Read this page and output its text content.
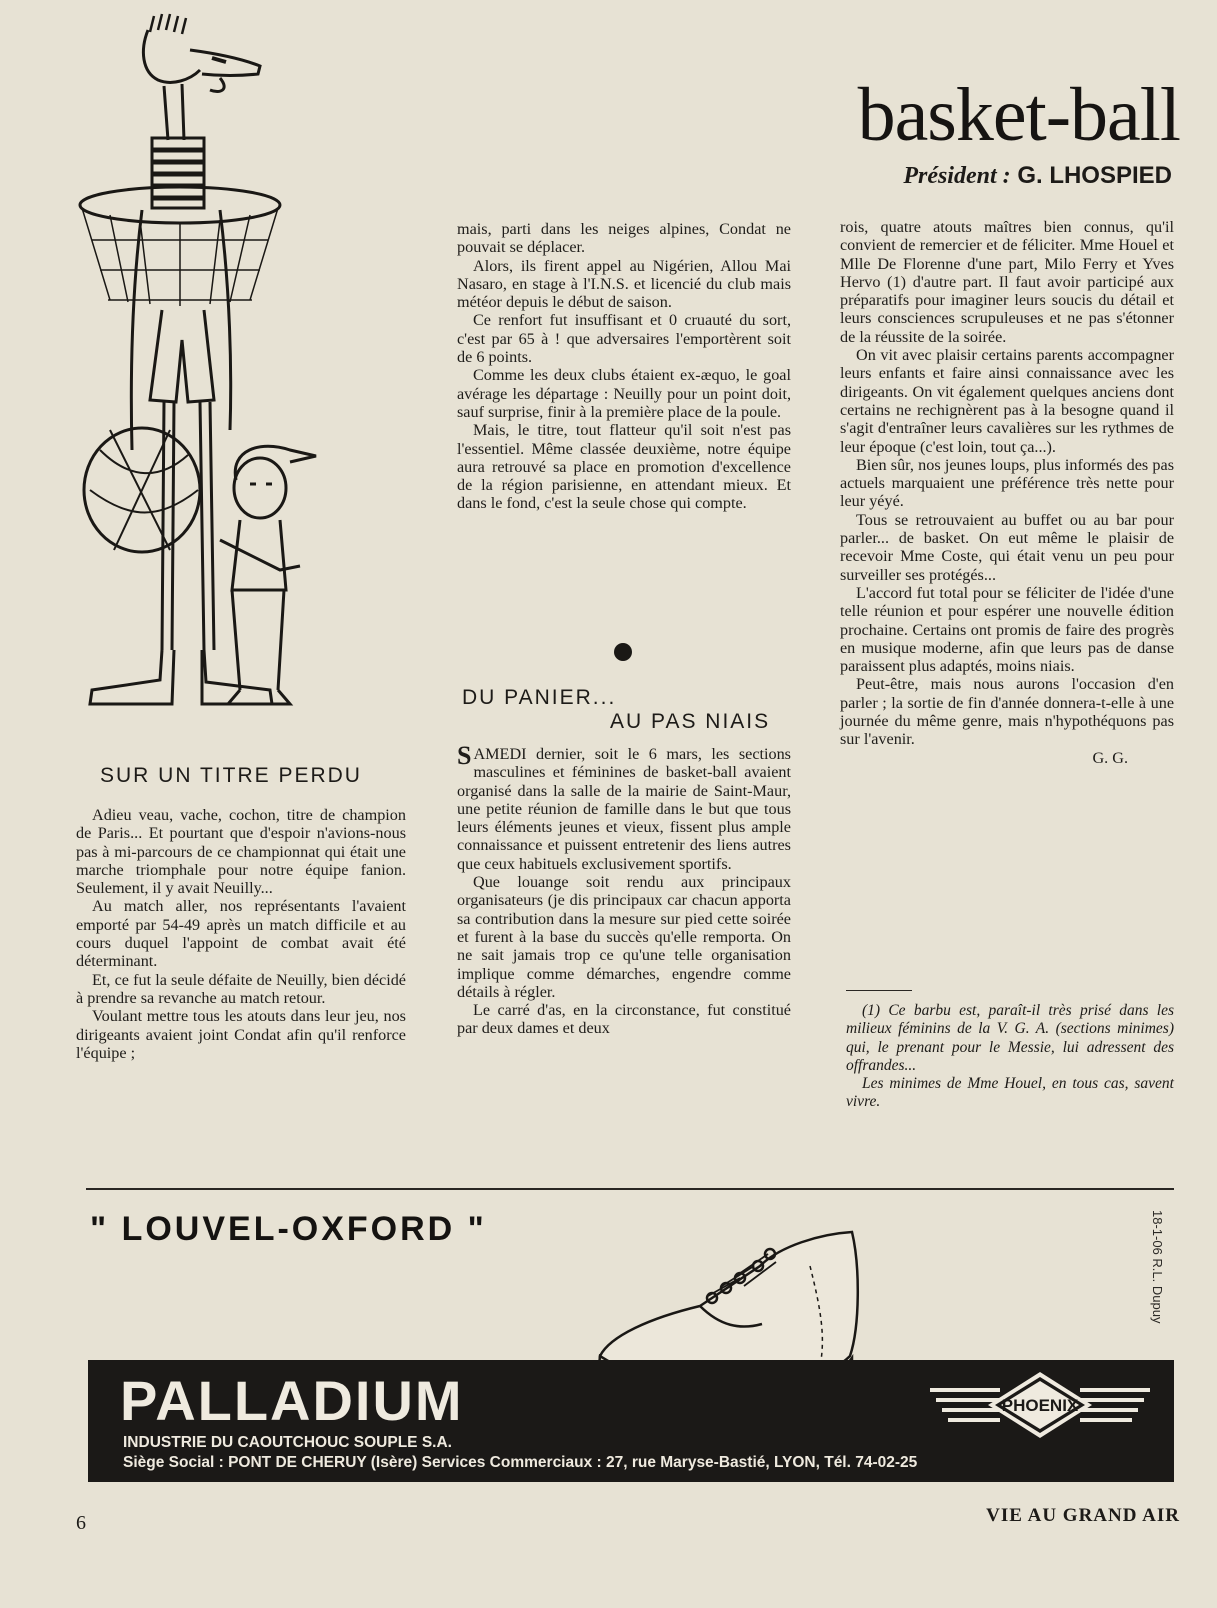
basket-ball
Président : G. LHOSPIED
SUR UN TITRE PERDU

Adieu veau, vache, cochon, titre de champion de Paris... Et pourtant que d'espoir n'avions-nous pas à mi-parcours de ce championnat qui était une marche triomphale pour notre équipe fanion. Seulement, il y avait Neuilly...

Au match aller, nos représentants l'avaient emporté par 54-49 après un match difficile et au cours duquel l'appoint de combat avait été déterminant.

Et, ce fut la seule défaite de Neuilly, bien décidé à prendre sa revanche au match retour.

Voulant mettre tous les atouts dans leur jeu, nos dirigeants avaient joint Condat afin qu'il renforce l'équipe ;

mais, parti dans les neiges alpines, Condat ne pouvait se déplacer.

Alors, ils firent appel au Nigérien, Allou Mai Nasaro, en stage à l'I.N.S. et licencié du club mais météor depuis le début de saison.

Ce renfort fut insuffisant et 0 cruauté du sort, c'est par 65 à ! que adversaires l'emportèrent soit de 6 points.

Comme les deux clubs étaient ex-æquo, le goal avérage les départage : Neuilly pour un point doit, sauf surprise, finir à la première place de la poule.

Mais, le titre, tout flatteur qu'il soit n'est pas l'essentiel. Même classée deuxième, notre équipe aura retrouvé sa place en promotion d'excellence de la région parisienne, en attendant mieux. Et dans le fond, c'est la seule chose qui compte.

DU PANIER...
AU PAS NIAIS

SAMEDI dernier, soit le 6 mars, les sections masculines et féminines de basket-ball avaient organisé dans la salle de la mairie de Saint-Maur, une petite réunion de famille dans le but que tous leurs éléments jeunes et vieux, fissent plus ample connaissance et puissent entretenir des liens autres que ceux habituels exclusivement sportifs.

Que louange soit rendu aux principaux organisateurs (je dis principaux car chacun apporta sa contribution dans la mesure sur pied cette soirée et furent à la base du succès qu'elle remporta. On ne sait jamais trop ce qu'une telle organisation implique comme démarches, engendre comme détails à régler.

Le carré d'as, en la circonstance, fut constitué par deux dames et deux

rois, quatre atouts maîtres bien connus, qu'il convient de remercier et de féliciter. Mme Houel et Mlle De Florenne d'une part, Milo Ferry et Yves Hervo (1) d'autre part. Il faut avoir participé aux préparatifs pour imaginer leurs soucis du détail et leurs consciences scrupuleuses et ne pas s'étonner de la réussite de la soirée.

On vit avec plaisir certains parents accompagner leurs enfants et faire ainsi connaissance avec les dirigeants. On vit également quelques anciens dont certains ne rechignèrent pas à la besogne quand il s'agit d'entraîner leurs cavalières sur les rythmes de leur époque (c'est loin, tout ça...).

Bien sûr, nos jeunes loups, plus informés des pas actuels marquaient une préférence très nette pour leur yéyé.

Tous se retrouvaient au buffet ou au bar pour parler... de basket. On eut même le plaisir de recevoir Mme Coste, qui était venu un peu pour surveiller ses protégés...

L'accord fut total pour se féliciter de l'idée d'une telle réunion et pour espérer une nouvelle édition prochaine. Certains ont promis de faire des progrès en musique moderne, afin que leurs pas de danse paraissent plus adaptés, moins niais.

Peut-être, mais nous aurons l'occasion d'en parler ; la sortie de fin d'année donnera-t-elle à une journée du même genre, mais n'hypothéquons pas sur l'avenir.

G. G.

(1) Ce barbu est, paraît-il très prisé dans les milieux féminins de la V. G. A. (sections minimes) qui, le prenant pour le Messie, lui adressent des offrandes...

Les minimes de Mme Houel, en tous cas, savent vivre.

" LOUVEL-OXFORD "	18-1-06 R.L. Dupuy
PALLADIUM
INDUSTRIE DU CAOUTCHOUC SOUPLE S.A.
Siège Social : PONT DE CHERUY (Isère) Services Commerciaux : 27, rue Maryse-Bastié, LYON, Tél. 74-02-25
PHOENIX
6	VIE AU GRAND AIR
